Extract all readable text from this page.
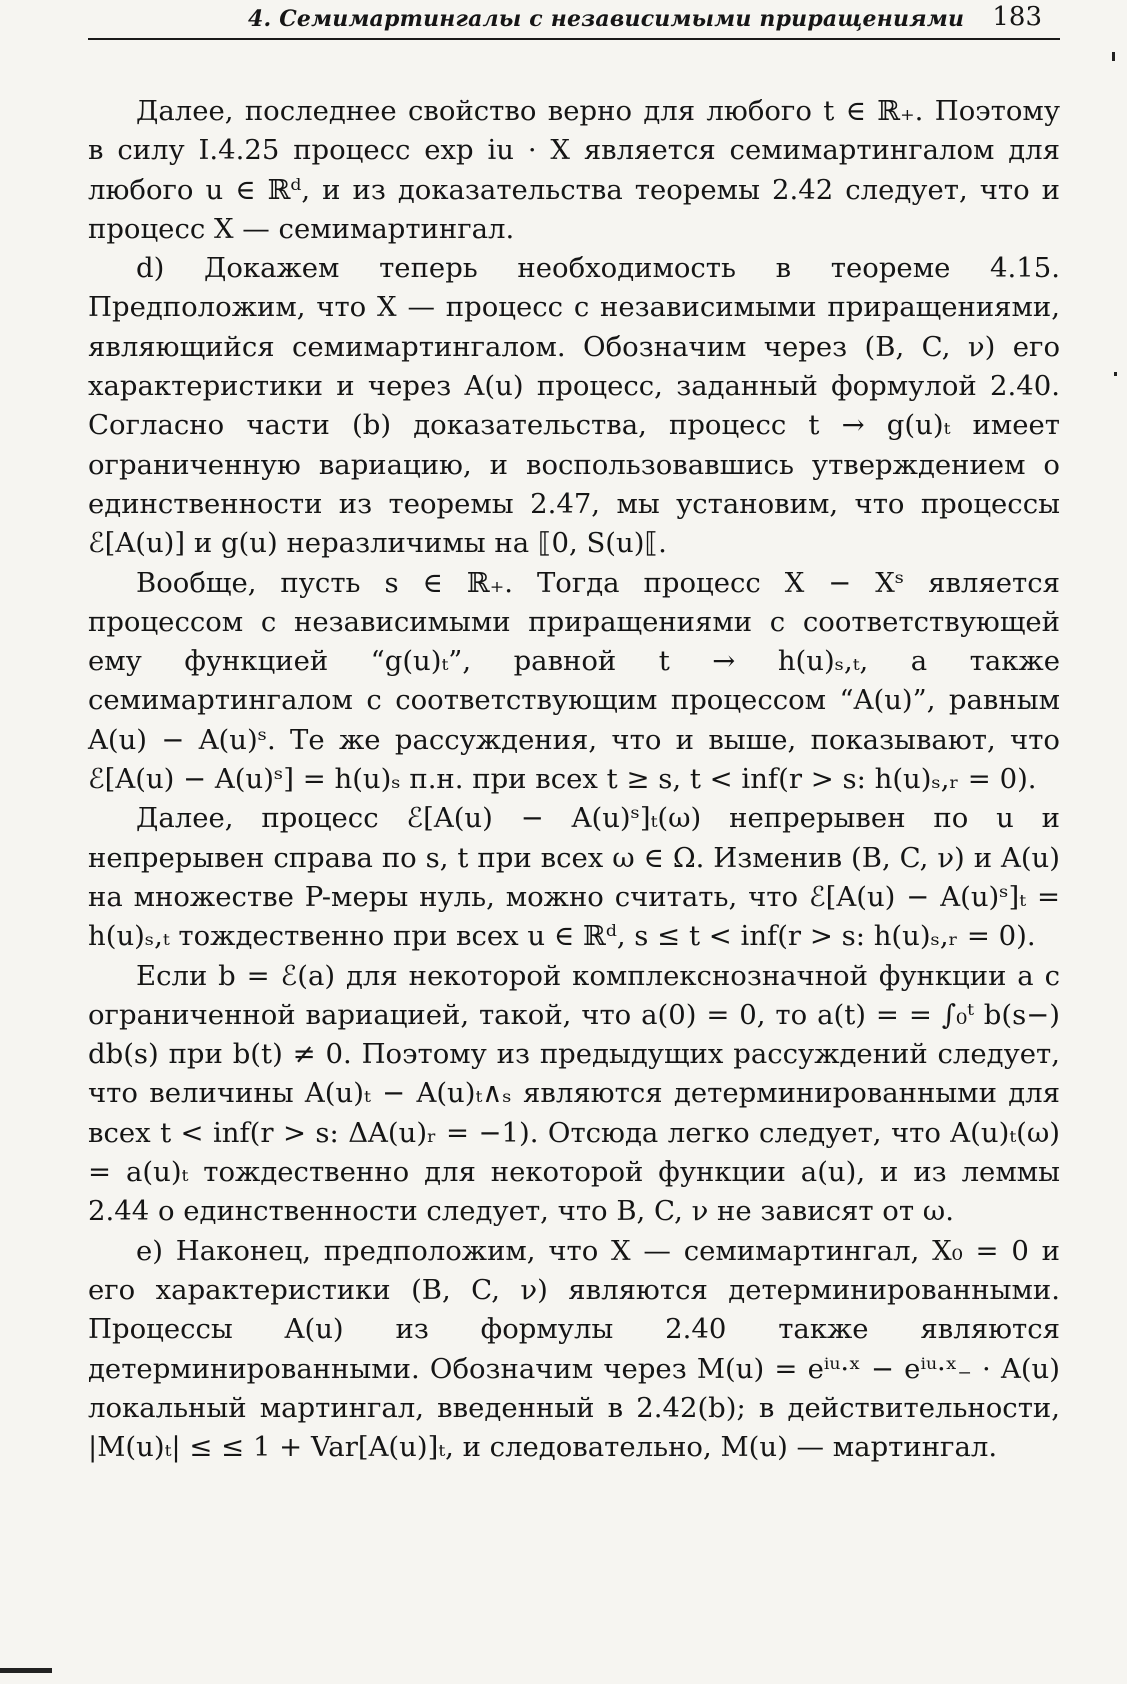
4. Семимартингалы с независимыми приращениями 183

Далее, последнее свойство верно для любого t ∈ ℝ₊. Поэтому в силу I.4.25 процесс exp iu · X является семимартингалом для любого u ∈ ℝᵈ, и из доказательства теоремы 2.42 следует, что и процесс X — семимартингал.

d) Докажем теперь необходимость в теореме 4.15. Предположим, что X — процесс с независимыми приращениями, являющийся семимартингалом. Обозначим через (B, C, ν) его характеристики и через A(u) процесс, заданный формулой 2.40. Согласно части (b) доказательства, процесс t → g(u)ₜ имеет ограниченную вариацию, и воспользовавшись утверждением о единственности из теоремы 2.47, мы установим, что процессы ℰ[A(u)] и g(u) неразличимы на ⟦0, S(u)⟦.

Вообще, пусть s ∈ ℝ₊. Тогда процесс X − Xˢ является процессом с независимыми приращениями с соответствующей ему функцией “g(u)ₜ”, равной t → h(u)ₛ,ₜ, а также семимартингалом с соответствующим процессом “A(u)”, равным A(u) − A(u)ˢ. Те же рассуждения, что и выше, показывают, что ℰ[A(u) − A(u)ˢ] = h(u)ₛ п.н. при всех t ≥ s, t < inf(r > s: h(u)ₛ,ᵣ = 0).

Далее, процесс ℰ[A(u) − A(u)ˢ]ₜ(ω) непрерывен по u и непрерывен справа по s, t при всех ω ∈ Ω. Изменив (B, C, ν) и A(u) на множестве P-меры нуль, можно считать, что ℰ[A(u) − A(u)ˢ]ₜ = h(u)ₛ,ₜ тождественно при всех u ∈ ℝᵈ, s ≤ t < inf(r > s: h(u)ₛ,ᵣ = 0).

Если b = ℰ(a) для некоторой комплекснозначной функции a с ограниченной вариацией, такой, что a(0) = 0, то a(t) = = ∫₀ᵗ b(s−) db(s) при b(t) ≠ 0. Поэтому из предыдущих рассуждений следует, что величины A(u)ₜ − A(u)ₜ∧ₛ являются детерминированными для всех t < inf(r > s: ΔA(u)ᵣ = −1). Отсюда легко следует, что A(u)ₜ(ω) = a(u)ₜ тождественно для некоторой функции a(u), и из леммы 2.44 о единственности следует, что B, C, ν не зависят от ω.

e) Наконец, предположим, что X — семимартингал, X₀ = 0 и его характеристики (B, C, ν) являются детерминированными. Процессы A(u) из формулы 2.40 также являются детерминированными. Обозначим через M(u) = eⁱᵘ·ˣ − eⁱᵘ·ˣ₋ · A(u) локальный мартингал, введенный в 2.42(b); в действительности, |M(u)ₜ| ≤ ≤ 1 + Var[A(u)]ₜ, и следовательно, M(u) — мартингал.
